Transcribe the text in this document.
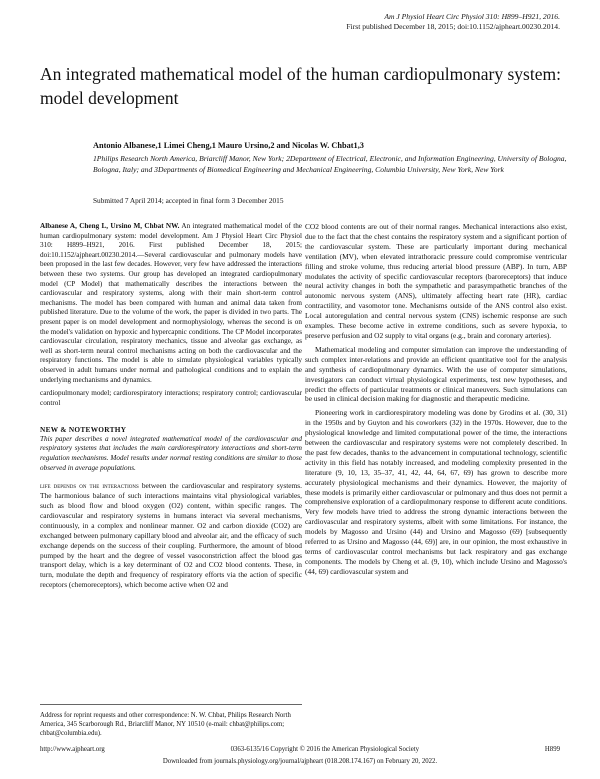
Am J Physiol Heart Circ Physiol 310: H899–H921, 2016.
First published December 18, 2015; doi:10.1152/ajpheart.00230.2014.
An integrated mathematical model of the human cardiopulmonary system: model development
Antonio Albanese,1 Limei Cheng,1 Mauro Ursino,2 and Nicolas W. Chbat1,3
1Philips Research North America, Briarcliff Manor, New York; 2Department of Electrical, Electronic, and Information Engineering, University of Bologna, Bologna, Italy; and 3Departments of Biomedical Engineering and Mechanical Engineering, Columbia University, New York, New York
Submitted 7 April 2014; accepted in final form 3 December 2015

Albanese A, Cheng L, Ursino M, Chbat NW. An integrated mathematical model of the human cardiopulmonary system: model development. Am J Physiol Heart Circ Physiol 310: H899–H921, 2016. First published December 18, 2015; doi:10.1152/ajpheart.00230.2014.—Several cardiovascular and pulmonary models have been proposed in the last few decades. However, very few have addressed the interactions between these two systems. Our group has developed an integrated cardiopulmonary model (CP Model) that mathematically describes the interactions between the cardiovascular and respiratory systems, along with their main short-term control mechanisms. The model has been compared with human and animal data taken from published literature. Due to the volume of the work, the paper is divided in two parts. The present paper is on model development and normophysiology, whereas the second is on the model's validation on hypoxic and hypercapnic conditions. The CP Model incorporates cardiovascular circulation, respiratory mechanics, tissue and alveolar gas exchange, as well as short-term neural control mechanisms acting on both the cardiovascular and the respiratory functions. The model is able to simulate physiological variables typically observed in adult humans under normal and pathological conditions and to explain the underlying mechanisms and dynamics.

cardiopulmonary model; cardiorespiratory interactions; respiratory control; cardiovascular control

NEW & NOTEWORTHY

This paper describes a novel integrated mathematical model of the cardiovascular and respiratory systems that includes the main cardiorespiratory interactions and short-term regulation mechanisms. Model results under normal resting conditions are similar to those observed in average populations.

life depends on the interactions between the cardiovascular and respiratory systems. The harmonious balance of such interactions maintains vital physiological variables, such as blood flow and blood oxygen (O2) content, within specific ranges. The cardiovascular and respiratory systems in humans interact via several mechanisms, continuously, in a complex and nonlinear manner. O2 and carbon dioxide (CO2) are exchanged between pulmonary capillary blood and alveolar air, and the efficacy of such exchange depends on the success of their coupling. Furthermore, the amount of blood pumped by the heart and the degree of vessel vasoconstriction affect the blood gas transport delay, which is a key determinant of O2 and CO2 blood contents. These, in turn, modulate the depth and frequency of respiratory efforts via the action of specific receptors (chemoreceptors), which become active when O2 and

CO2 blood contents are out of their normal ranges. Mechanical interactions also exist, due to the fact that the chest contains the respiratory system and a significant portion of the cardiovascular system. These are particularly important during mechanical ventilation (MV), when elevated intrathoracic pressure could compromise ventricular filling and stroke volume, thus reducing arterial blood pressure (ABP). In turn, ABP modulates the activity of specific cardiovascular receptors (baroreceptors) that induce neural activity changes in both the sympathetic and parasympathetic branches of the autonomic nervous system (ANS), ultimately affecting heart rate (HR), cardiac contractility, and vasomotor tone. Mechanisms outside of the ANS control also exist. Local autoregulation and central nervous system (CNS) ischemic response are such examples. These become active in extreme conditions, such as severe hypoxia, to preserve perfusion and O2 supply to vital organs (e.g., brain and coronary arteries).

Mathematical modeling and computer simulation can improve the understanding of such complex inter-relations and provide an efficient quantitative tool for the analysis and synthesis of cardiopulmonary dynamics. With the use of computer simulations, investigators can conduct virtual physiological experiments, test new hypotheses, and predict the effects of particular treatments or clinical maneuvers. Such simulations can be used in clinical decision making for diagnostic and therapeutic medicine.

Pioneering work in cardiorespiratory modeling was done by Grodins et al. (30, 31) in the 1950s and by Guyton and his coworkers (32) in the 1970s. However, due to the physiological knowledge and limited computational power of the time, the interactions between the cardiovascular and respiratory systems were not completely described. In the past few decades, thanks to the advancement in computational technology, scientific activity in this field has notably increased, and modeling complexity presented in the literature (9, 10, 13, 35–37, 41, 42, 44, 64, 67, 69) has grown to describe more accurately physiological mechanisms and their dynamics. However, the majority of these models is primarily either cardiovascular or pulmonary and thus does not permit a comprehensive exploration of a cardiopulmonary response to different acute conditions. Very few models have tried to address the strong dynamic interactions between the cardiovascular and respiratory systems, albeit with some limitations. For instance, the models by Magosso and Ursino (44) and Ursino and Magosso (69) [subsequently referred to as Ursino and Magosso (44, 69)] are, in our opinion, the most exhaustive in terms of cardiovascular control mechanisms but lack respiratory and gas exchange components. The models by Cheng et al. (9, 10), which include Ursino and Magosso's (44, 69) cardiovascular system and

Address for reprint requests and other correspondence: N. W. Chbat, Philips Research North America, 345 Scarborough Rd., Briarcliff Manor, NY 10510 (e-mail: chbat@philips.com; chbat@columbia.edu).
http://www.ajpheart.org	0363-6135/16 Copyright © 2016 the American Physiological Society	H899
Downloaded from journals.physiology.org/journal/ajpheart (018.208.174.167) on February 20, 2022.
